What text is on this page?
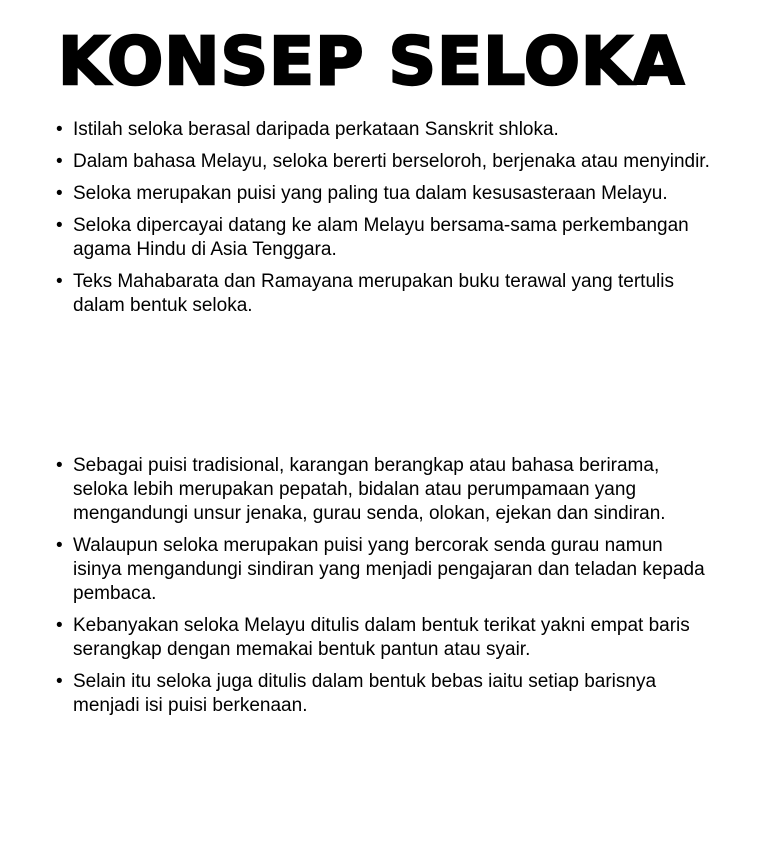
KONSEP SELOKA
• Istilah seloka berasal daripada perkataan Sanskrit shloka.
• Dalam bahasa Melayu, seloka bererti berseloroh, berjenaka atau menyindir.
• Seloka merupakan puisi yang paling tua dalam kesusasteraan Melayu.
• Seloka dipercayai datang ke alam Melayu bersama-sama perkembangan agama Hindu di Asia Tenggara.
• Teks Mahabarata dan Ramayana merupakan buku terawal yang tertulis dalam bentuk seloka.
• Sebagai puisi tradisional, karangan berangkap atau bahasa berirama, seloka lebih merupakan pepatah, bidalan atau perumpamaan yang mengandungi unsur jenaka, gurau senda, olokan, ejekan dan sindiran.
• Walaupun seloka merupakan puisi yang bercorak senda gurau namun isinya mengandungi sindiran yang menjadi pengajaran dan teladan kepada pembaca.
• Kebanyakan seloka Melayu ditulis dalam bentuk terikat yakni empat baris serangkap dengan memakai bentuk pantun atau syair.
• Selain itu seloka juga ditulis dalam bentuk bebas iaitu setiap barisnya menjadi isi puisi berkenaan.
